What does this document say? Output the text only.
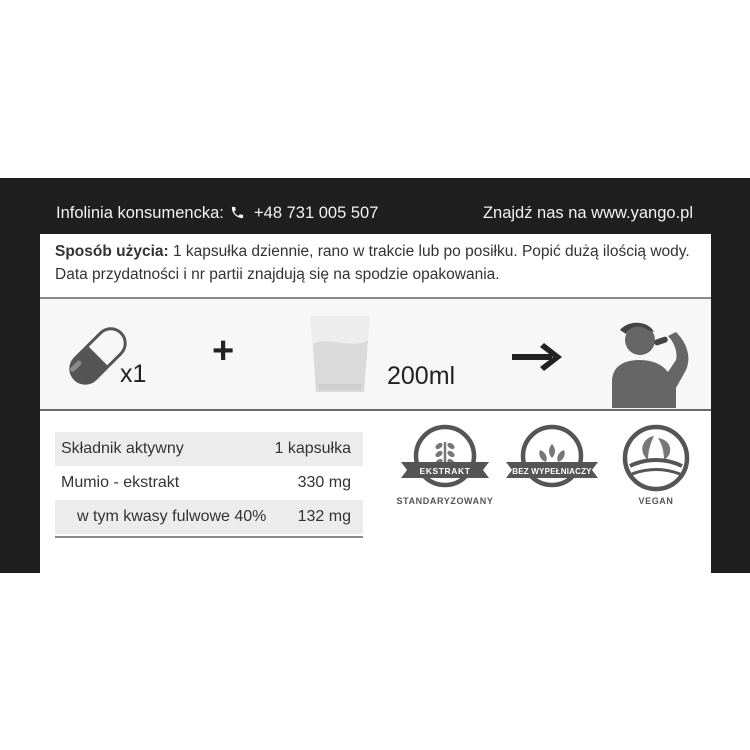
Infolinia konsumencka: +48 731 005 507	Znajdź nas na www.yango.pl
Sposób użycia: 1 kapsułka dziennie, rano w trakcie lub po posiłku. Popić dużą ilością wody.
Data przydatności i nr partii znajdują się na spodzie opakowania.
x1
+
200ml
Składnik aktywny	1 kapsułka
Mumio - ekstrakt	330 mg
w tym kwasy fulwowe 40% 132 mg
EKSTRAKT
STANDARYZOWANY
BEZ WYPEŁNIACZY
VEGAN
